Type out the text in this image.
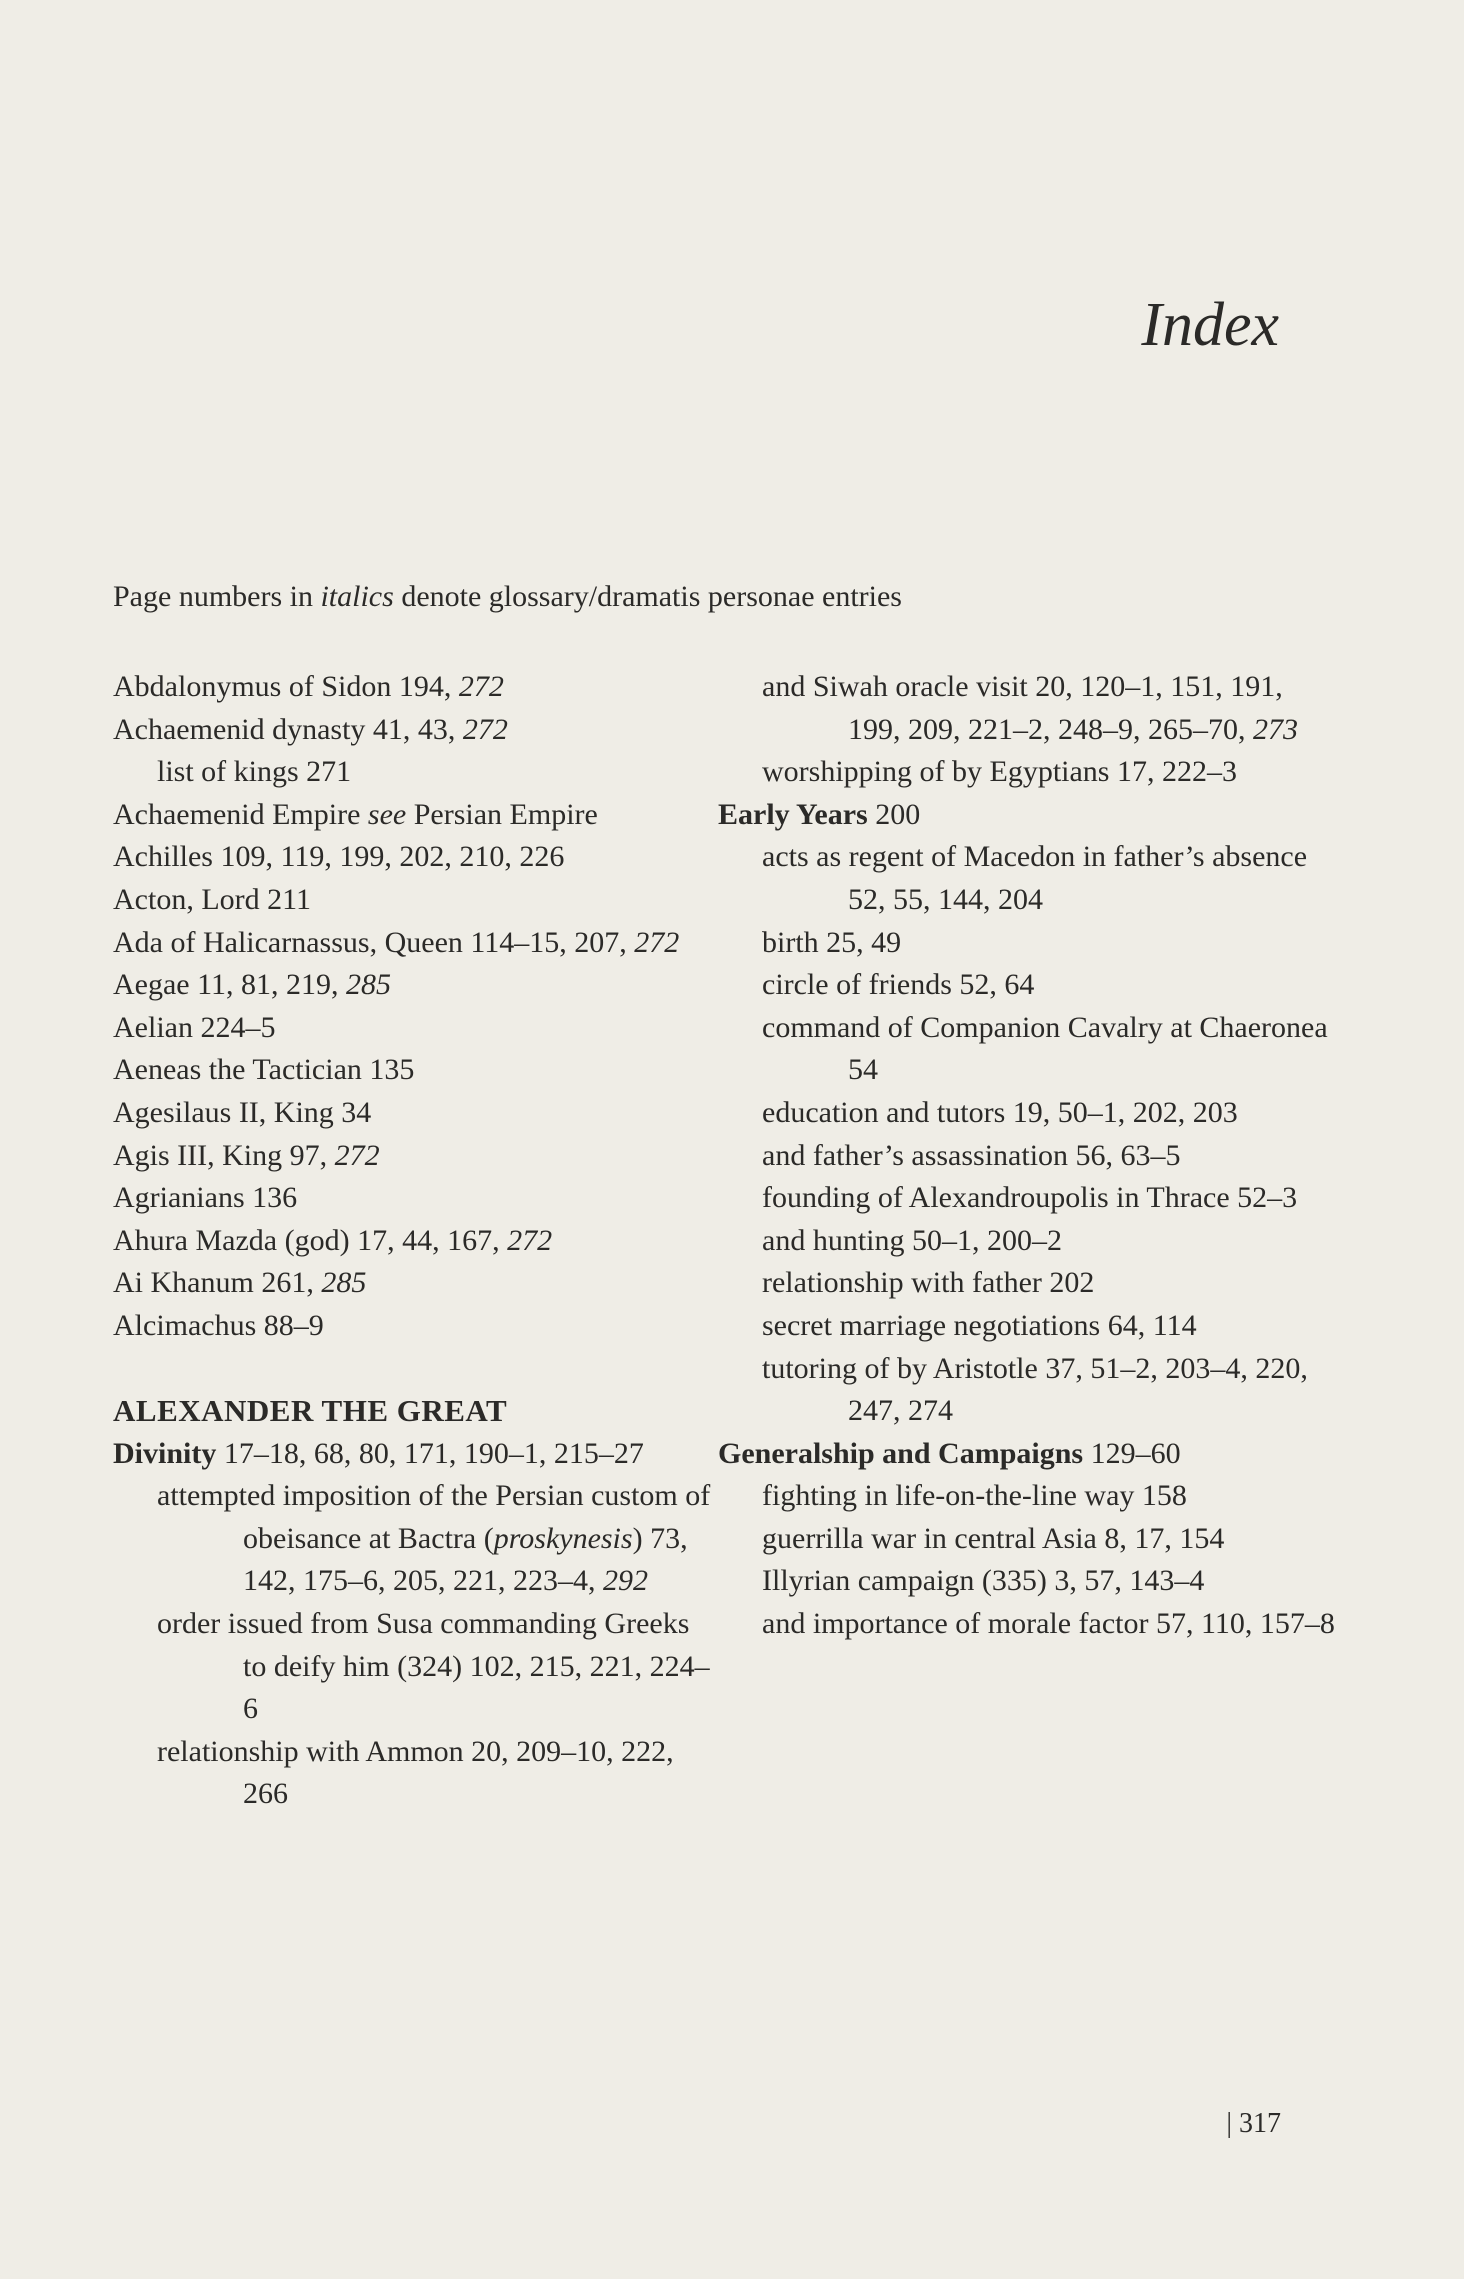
Index

Page numbers in italics denote glossary/dramatis personae entries

Abdalonymus of Sidon 194, 272

Achaemenid dynasty 41, 43, 272

list of kings 271

Achaemenid Empire see Persian Empire

Achilles 109, 119, 199, 202, 210, 226

Acton, Lord 211

Ada of Halicarnassus, Queen 114–15, 207, 272

Aegae 11, 81, 219, 285

Aelian 224–5

Aeneas the Tactician 135

Agesilaus II, King 34

Agis III, King 97, 272

Agrianians 136

Ahura Mazda (god) 17, 44, 167, 272

Ai Khanum 261, 285

Alcimachus 88–9

ALEXANDER THE GREAT

Divinity 17–18, 68, 80, 171, 190–1, 215–27

attempted imposition of the Persian custom of obeisance at Bactra (proskynesis) 73, 142, 175–6, 205, 221, 223–4, 292

order issued from Susa commanding Greeks to deify him (324) 102, 215, 221, 224–6

relationship with Ammon 20, 209–10, 222, 266

and Siwah oracle visit 20, 120–1, 151, 191, 199, 209, 221–2, 248–9, 265–70, 273

worshipping of by Egyptians 17, 222–3

Early Years 200

acts as regent of Macedon in father’s absence 52, 55, 144, 204

birth 25, 49

circle of friends 52, 64

command of Companion Cavalry at Chaeronea 54

education and tutors 19, 50–1, 202, 203

and father’s assassination 56, 63–5

founding of Alexandroupolis in Thrace 52–3

and hunting 50–1, 200–2

relationship with father 202

secret marriage negotiations 64, 114

tutoring of by Aristotle 37, 51–2, 203–4, 220, 247, 274

Generalship and Campaigns 129–60

fighting in life-on-the-line way 158

guerrilla war in central Asia 8, 17, 154

Illyrian campaign (335) 3, 57, 143–4

and importance of morale factor 57, 110, 157–8

| 317
